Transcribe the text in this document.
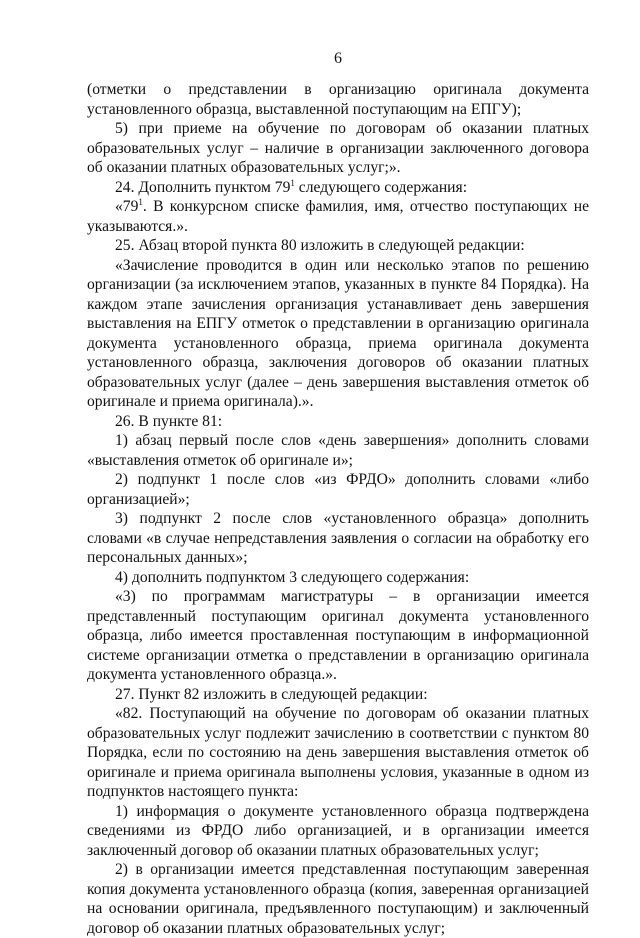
6

(отметки о представлении в организацию оригинала документа установленного образца, выставленной поступающим на ЕПГУ);

5) при приеме на обучение по договорам об оказании платных образовательных услуг – наличие в организации заключенного договора об оказании платных образовательных услуг;».

24. Дополнить пунктом $79^1$ следующего содержания:

«$79^1$. В конкурсном списке фамилия, имя, отчество поступающих не указываются.».

25. Абзац второй пункта 80 изложить в следующей редакции:

«Зачисление проводится в один или несколько этапов по решению организации (за исключением этапов, указанных в пункте 84 Порядка). На каждом этапе зачисления организация устанавливает день завершения выставления на ЕПГУ отметок о представлении в организацию оригинала документа установленного образца, приема оригинала документа установленного образца, заключения договоров об оказании платных образовательных услуг (далее – день завершения выставления отметок об оригинале и приема оригинала).».

26. В пункте 81:

1) абзац первый после слов «день завершения» дополнить словами «выставления отметок об оригинале и»;

2) подпункт 1 после слов «из ФРДО» дополнить словами «либо организацией»;

3) подпункт 2 после слов «установленного образца» дополнить словами «в случае непредставления заявления о согласии на обработку его персональных данных»;

4) дополнить подпунктом 3 следующего содержания:

«3) по программам магистратуры – в организации имеется представленный поступающим оригинал документа установленного образца, либо имеется проставленная поступающим в информационной системе организации отметка о представлении в организацию оригинала документа установленного образца.».

27. Пункт 82 изложить в следующей редакции:

«82. Поступающий на обучение по договорам об оказании платных образовательных услуг подлежит зачислению в соответствии с пунктом 80 Порядка, если по состоянию на день завершения выставления отметок об оригинале и приема оригинала выполнены условия, указанные в одном из подпунктов настоящего пункта:

1) информация о документе установленного образца подтверждена сведениями из ФРДО либо организацией, и в организации имеется заключенный договор об оказании платных образовательных услуг;

2) в организации имеется представленная поступающим заверенная копия документа установленного образца (копия, заверенная организацией на основании оригинала, предъявленного поступающим) и заключенный договор об оказании платных образовательных услуг;
